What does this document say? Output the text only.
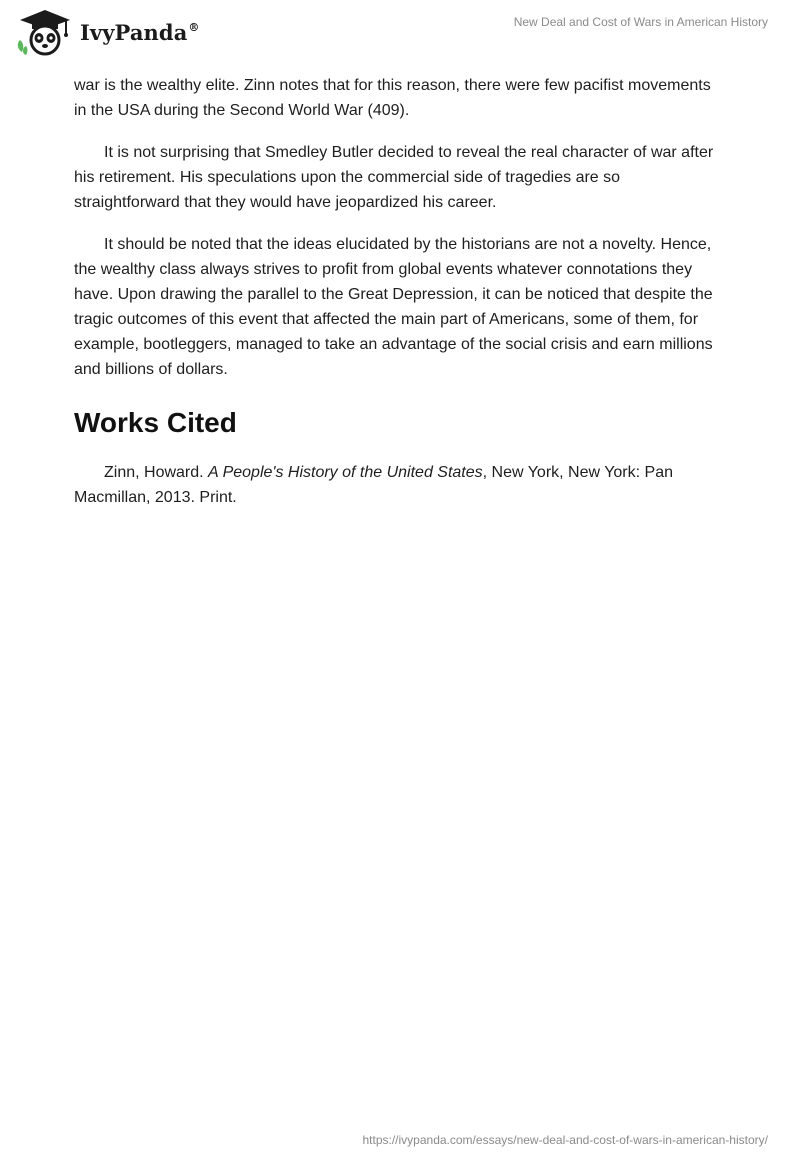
IvyPanda®	New Deal and Cost of Wars in American History

war is the wealthy elite. Zinn notes that for this reason, there were few pacifist movements in the USA during the Second World War (409).

It is not surprising that Smedley Butler decided to reveal the real character of war after his retirement. His speculations upon the commercial side of tragedies are so straightforward that they would have jeopardized his career.

It should be noted that the ideas elucidated by the historians are not a novelty. Hence, the wealthy class always strives to profit from global events whatever connotations they have. Upon drawing the parallel to the Great Depression, it can be noticed that despite the tragic outcomes of this event that affected the main part of Americans, some of them, for example, bootleggers, managed to take an advantage of the social crisis and earn millions and billions of dollars.

Works Cited

Zinn, Howard. A People's History of the United States, New York, New York: Pan Macmillan, 2013. Print.

https://ivypanda.com/essays/new-deal-and-cost-of-wars-in-american-history/
